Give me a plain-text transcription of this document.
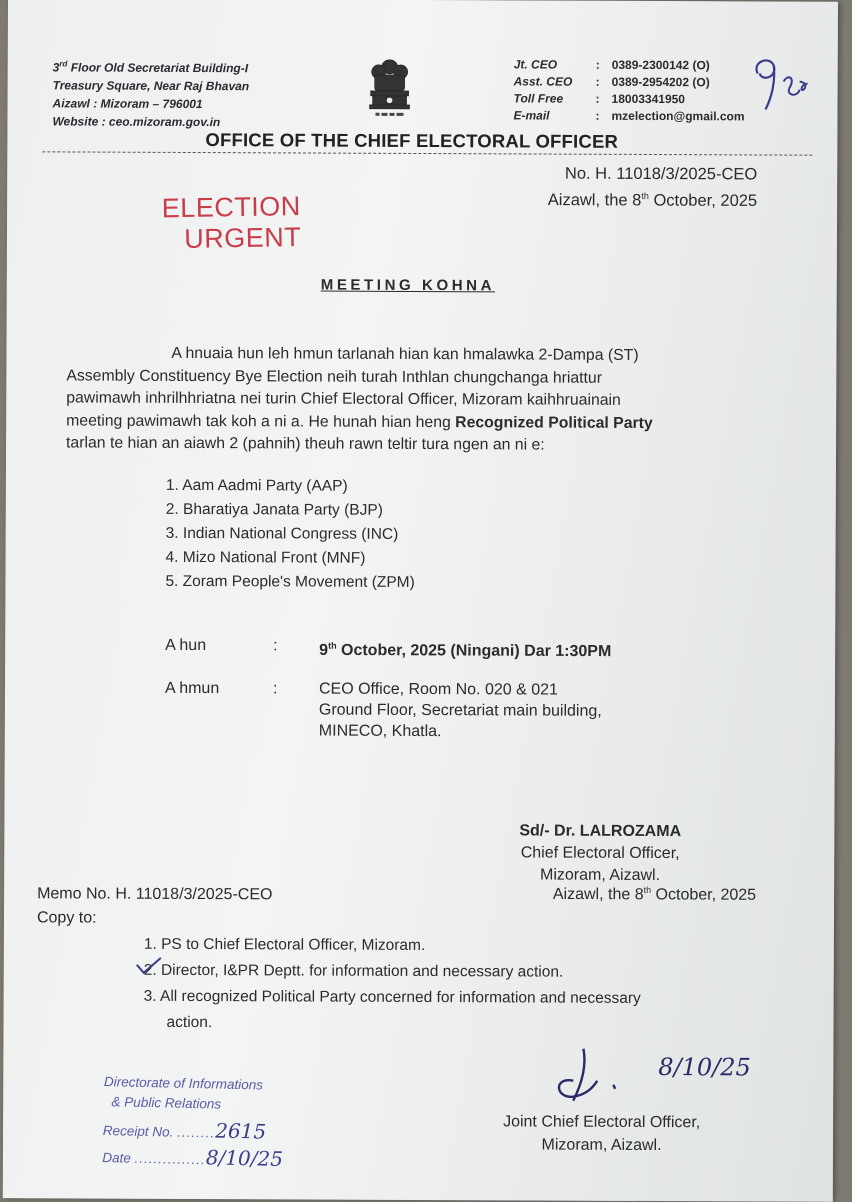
3rd Floor Old Secretariat Building-I
Treasury Square, Near Raj Bhavan
Aizawl : Mizoram – 796001
Website : ceo.mizoram.gov.in
Jt. CEO	:	0389-2300142 (O)
Asst. CEO	:	0389-2954202 (O)
Toll Free	:	18003341950
E-mail	:	mzelection@gmail.com
OFFICE OF THE CHIEF ELECTORAL OFFICER
No. H. 11018/3/2025-CEO
Aizawl, the 8th October, 2025
ELECTION
URGENT
MEETING KOHNA

A hnuaia hun leh hmun tarlanah hian kan hmalawka 2-Dampa (ST)

Assembly Constituency Bye Election neih turah Inthlan chungchanga hriattur

pawimawh inhrilhhriatna nei turin Chief Electoral Officer, Mizoram kaihhruainain

meeting pawimawh tak koh a ni a. He hunah hian heng Recognized Political Party

tarlan te hian an aiawh 2 (pahnih) theuh rawn teltir tura ngen an ni e:

1. Aam Aadmi Party (AAP)
2. Bharatiya Janata Party (BJP)
3. Indian National Congress (INC)
4. Mizo National Front (MNF)
5. Zoram People's Movement (ZPM)
A hun	:	9th October, 2025 (Ningani) Dar 1:30PM
A hmun	:	CEO Office, Room No. 020 & 021
Ground Floor, Secretariat main building,
MINECO, Khatla.
Sd/- Dr. LALROZAMA
Chief Electoral Officer,
Mizoram, Aizawl.
Memo No. H. 11018/3/2025-CEO
Copy to:
Aizawl, the 8th October, 2025
1. PS to Chief Electoral Officer, Mizoram.
2. Director, I&PR Deptt. for information and necessary action.
3. All recognized Political Party concerned for information and necessary
action.
Directorate of Informations
& Public Relations
Receipt No. ........2615
Date ...............8/10/25
8/10/25
Joint Chief Electoral Officer,
Mizoram, Aizawl.
